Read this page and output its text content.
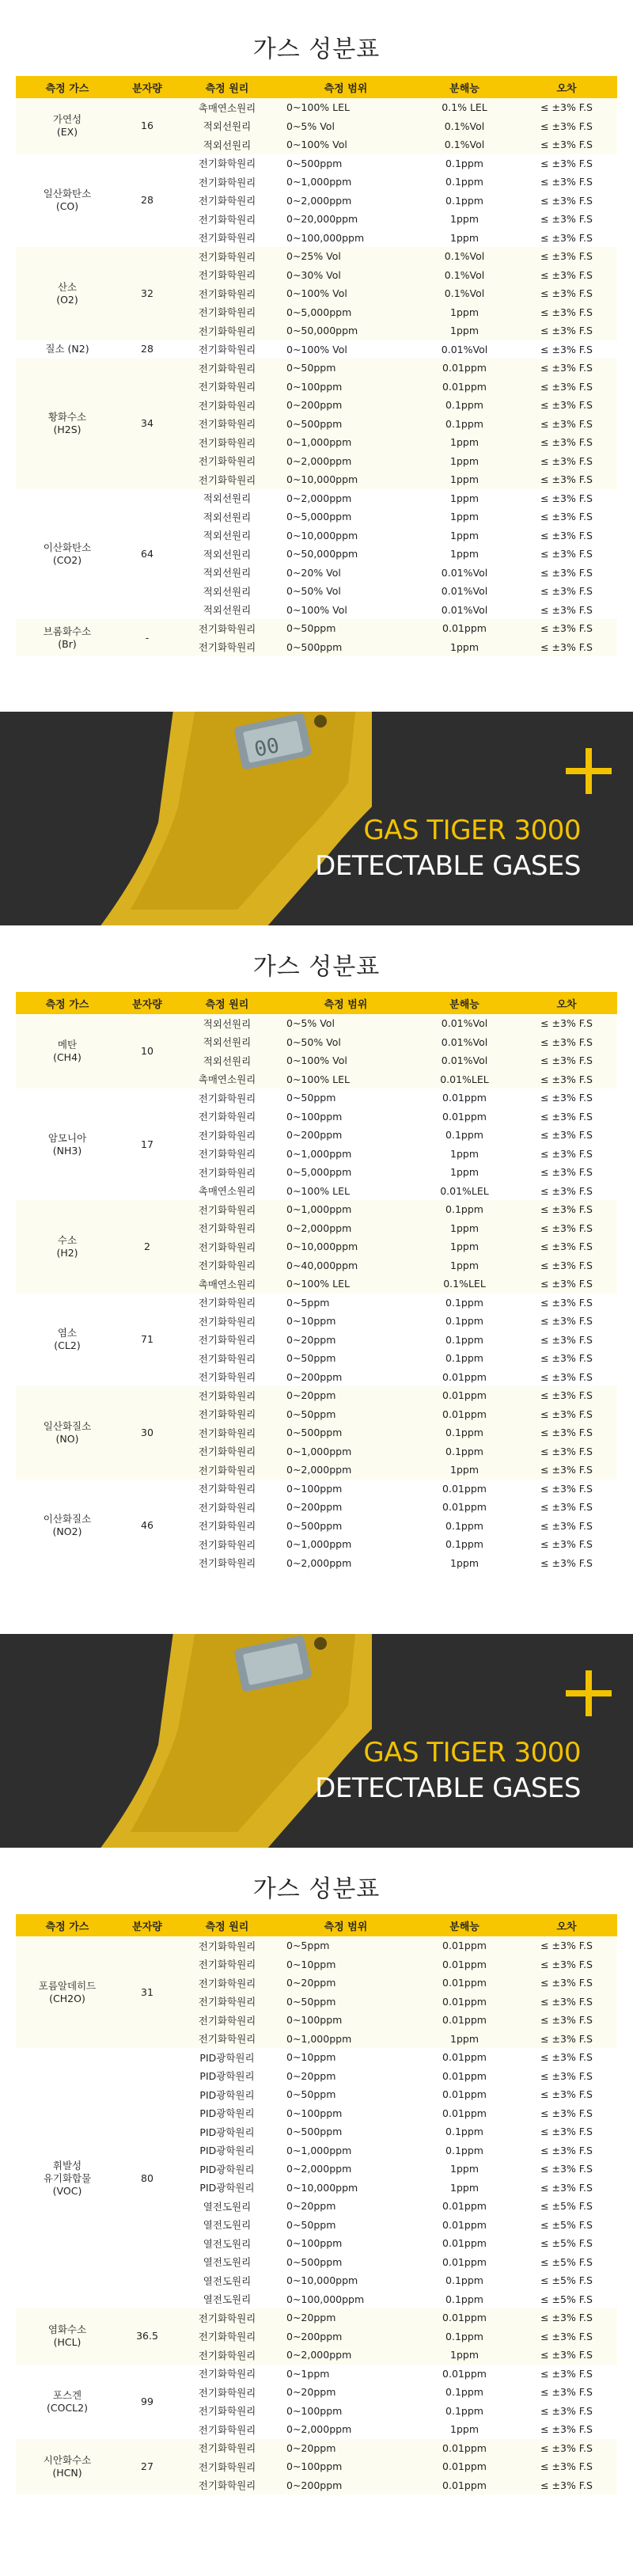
가스 성분표
측정 가스	분자량	측정 원리	측정 범위	분해능	오차

가연성
(EX)	16	촉매연소원리	0~100% LEL	0.1% LEL	≤ ±3% F.S
		적외선원리	0~5% Vol	0.1%Vol	≤ ±3% F.S
		적외선원리	0~100% Vol	0.1%Vol	≤ ±3% F.S

일산화탄소
(CO)	28	전기화학원리	0~500ppm	0.1ppm	≤ ±3% F.S
		전기화학원리	0~1,000ppm	0.1ppm	≤ ±3% F.S
		전기화학원리	0~2,000ppm	0.1ppm	≤ ±3% F.S
		전기화학원리	0~20,000ppm	1ppm	≤ ±3% F.S
		전기화학원리	0~100,000ppm	1ppm	≤ ±3% F.S

산소
(O2)	32	전기화학원리	0~25% Vol	0.1%Vol	≤ ±3% F.S
		전기화학원리	0~30% Vol	0.1%Vol	≤ ±3% F.S
		전기화학원리	0~100% Vol	0.1%Vol	≤ ±3% F.S
		전기화학원리	0~5,000ppm	1ppm	≤ ±3% F.S
		전기화학원리	0~50,000ppm	1ppm	≤ ±3% F.S

질소 (N2)	28	전기화학원리	0~100% Vol	0.01%Vol	≤ ±3% F.S

황화수소
(H2S)	34	전기화학원리	0~50ppm	0.01ppm	≤ ±3% F.S
		전기화학원리	0~100ppm	0.01ppm	≤ ±3% F.S
		전기화학원리	0~200ppm	0.1ppm	≤ ±3% F.S
		전기화학원리	0~500ppm	0.1ppm	≤ ±3% F.S
		전기화학원리	0~1,000ppm	1ppm	≤ ±3% F.S
		전기화학원리	0~2,000ppm	1ppm	≤ ±3% F.S
		전기화학원리	0~10,000ppm	1ppm	≤ ±3% F.S

이산화탄소
(CO2)	64	적외선원리	0~2,000ppm	1ppm	≤ ±3% F.S
		적외선원리	0~5,000ppm	1ppm	≤ ±3% F.S
		적외선원리	0~10,000ppm	1ppm	≤ ±3% F.S
		적외선원리	0~50,000ppm	1ppm	≤ ±3% F.S
		적외선원리	0~20% Vol	0.01%Vol	≤ ±3% F.S
		적외선원리	0~50% Vol	0.01%Vol	≤ ±3% F.S
		적외선원리	0~100% Vol	0.01%Vol	≤ ±3% F.S

브롬화수소
(Br)	-	전기화학원리	0~50ppm	0.01ppm	≤ ±3% F.S
		전기화학원리	0~500ppm	1ppm	≤ ±3% F.S
00
GAS TIGER 3000
DETECTABLE GASES
가스 성분표
측정 가스	분자량	측정 원리	측정 범위	분해능	오차

메탄
(CH4)	10	적외선원리	0~5% Vol	0.01%Vol	≤ ±3% F.S
		적외선원리	0~50% Vol	0.01%Vol	≤ ±3% F.S
		적외선원리	0~100% Vol	0.01%Vol	≤ ±3% F.S
		촉매연소원리	0~100% LEL	0.01%LEL	≤ ±3% F.S

암모니아
(NH3)	17	전기화학원리	0~50ppm	0.01ppm	≤ ±3% F.S
		전기화학원리	0~100ppm	0.01ppm	≤ ±3% F.S
		전기화학원리	0~200ppm	0.1ppm	≤ ±3% F.S
		전기화학원리	0~1,000ppm	1ppm	≤ ±3% F.S
		전기화학원리	0~5,000ppm	1ppm	≤ ±3% F.S
		촉매연소원리	0~100% LEL	0.01%LEL	≤ ±3% F.S

수소
(H2)	2	전기화학원리	0~1,000ppm	0.1ppm	≤ ±3% F.S
		전기화학원리	0~2,000ppm	1ppm	≤ ±3% F.S
		전기화학원리	0~10,000ppm	1ppm	≤ ±3% F.S
		전기화학원리	0~40,000ppm	1ppm	≤ ±3% F.S
		촉매연소원리	0~100% LEL	0.1%LEL	≤ ±3% F.S

염소
(CL2)	71	전기화학원리	0~5ppm	0.1ppm	≤ ±3% F.S
		전기화학원리	0~10ppm	0.1ppm	≤ ±3% F.S
		전기화학원리	0~20ppm	0.1ppm	≤ ±3% F.S
		전기화학원리	0~50ppm	0.1ppm	≤ ±3% F.S
		전기화학원리	0~200ppm	0.01ppm	≤ ±3% F.S

일산화질소
(NO)	30	전기화학원리	0~20ppm	0.01ppm	≤ ±3% F.S
		전기화학원리	0~50ppm	0.01ppm	≤ ±3% F.S
		전기화학원리	0~500ppm	0.1ppm	≤ ±3% F.S
		전기화학원리	0~1,000ppm	0.1ppm	≤ ±3% F.S
		전기화학원리	0~2,000ppm	1ppm	≤ ±3% F.S

이산화질소
(NO2)	46	전기화학원리	0~100ppm	0.01ppm	≤ ±3% F.S
		전기화학원리	0~200ppm	0.01ppm	≤ ±3% F.S
		전기화학원리	0~500ppm	0.1ppm	≤ ±3% F.S
		전기화학원리	0~1,000ppm	0.1ppm	≤ ±3% F.S
		전기화학원리	0~2,000ppm	1ppm	≤ ±3% F.S
GAS TIGER 3000
DETECTABLE GASES
가스 성분표
측정 가스	분자량	측정 원리	측정 범위	분해능	오차

포름알데히드
(CH2O)	31	전기화학원리	0~5ppm	0.01ppm	≤ ±3% F.S
		전기화학원리	0~10ppm	0.01ppm	≤ ±3% F.S
		전기화학원리	0~20ppm	0.01ppm	≤ ±3% F.S
		전기화학원리	0~50ppm	0.01ppm	≤ ±3% F.S
		전기화학원리	0~100ppm	0.01ppm	≤ ±3% F.S
		전기화학원리	0~1,000ppm	1ppm	≤ ±3% F.S

휘발성
유기화합물
(VOC)	80	PID광학원리	0~10ppm	0.01ppm	≤ ±3% F.S
		PID광학원리	0~20ppm	0.01ppm	≤ ±3% F.S
		PID광학원리	0~50ppm	0.01ppm	≤ ±3% F.S
		PID광학원리	0~100ppm	0.01ppm	≤ ±3% F.S
		PID광학원리	0~500ppm	0.1ppm	≤ ±3% F.S
		PID광학원리	0~1,000ppm	0.1ppm	≤ ±3% F.S
		PID광학원리	0~2,000ppm	1ppm	≤ ±3% F.S
		PID광학원리	0~10,000ppm	1ppm	≤ ±3% F.S
		열전도원리	0~20ppm	0.01ppm	≤ ±5% F.S
		열전도원리	0~50ppm	0.01ppm	≤ ±5% F.S
		열전도원리	0~100ppm	0.01ppm	≤ ±5% F.S
		열전도원리	0~500ppm	0.01ppm	≤ ±5% F.S
		열전도원리	0~10,000ppm	0.1ppm	≤ ±5% F.S
		열전도원리	0~100,000ppm	0.1ppm	≤ ±5% F.S

염화수소
(HCL)	36.5	전기화학원리	0~20ppm	0.01ppm	≤ ±3% F.S
		전기화학원리	0~200ppm	0.1ppm	≤ ±3% F.S
		전기화학원리	0~2,000ppm	1ppm	≤ ±3% F.S

포스겐
(COCL2)	99	전기화학원리	0~1ppm	0.01ppm	≤ ±3% F.S
		전기화학원리	0~20ppm	0.1ppm	≤ ±3% F.S
		전기화학원리	0~100ppm	0.1ppm	≤ ±3% F.S
		전기화학원리	0~2,000ppm	1ppm	≤ ±3% F.S

시안화수소
(HCN)	27	전기화학원리	0~20ppm	0.01ppm	≤ ±3% F.S
		전기화학원리	0~100ppm	0.01ppm	≤ ±3% F.S
		전기화학원리	0~200ppm	0.01ppm	≤ ±3% F.S
